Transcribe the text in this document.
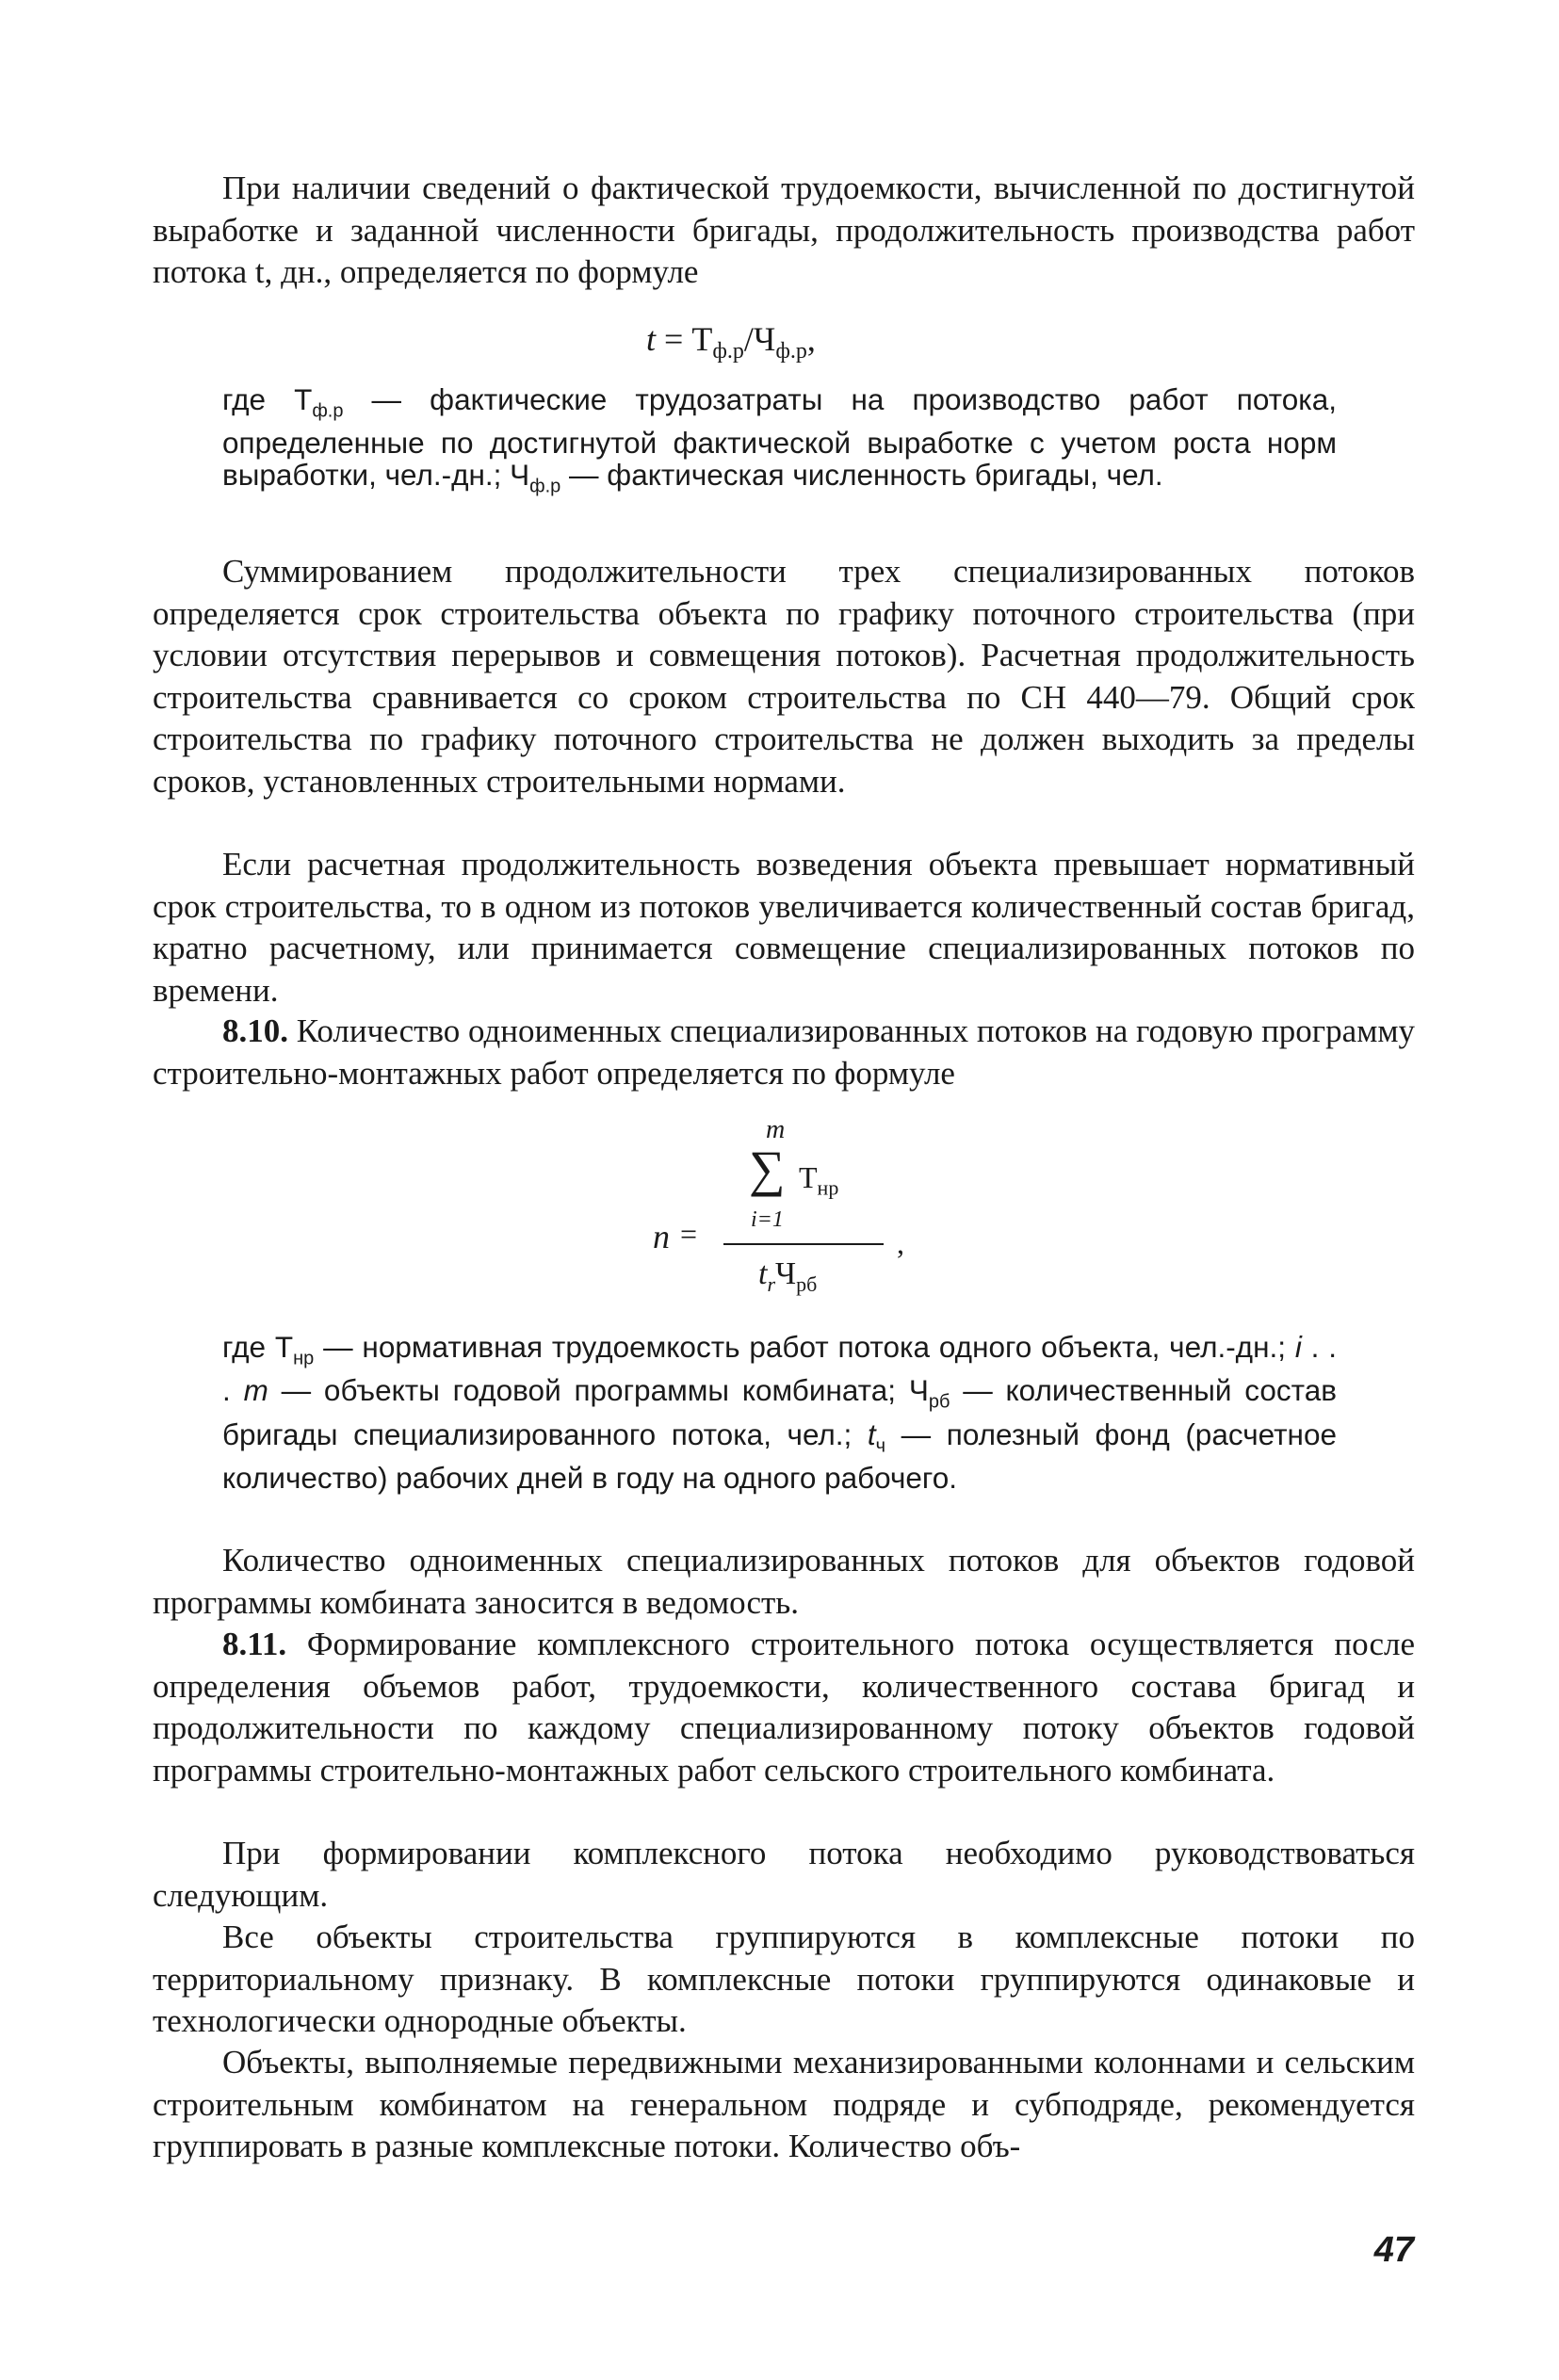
При наличии сведений о фактической трудоемкости, вычисленной по достигнутой выработке и заданной численности бригады, продолжительность производства работ потока t, дн., определяется по формуле

$t = Т_{ф.р}/Ч_{ф.р}$,

где $Т_{ф.р}$ — фактические трудозатраты на производство работ потока, определенные по достигнутой фактической выработке с учетом роста норм выработки, чел.-дн.; $Ч_{ф.р}$ — фактическая численность бригады, чел.

Суммированием продолжительности трех специализированных потоков определяется срок строительства объекта по графику поточного строительства (при условии отсутствия перерывов и совмещения потоков). Расчетная продолжительность строительства сравнивается со сроком строительства по СН 440—79. Общий срок строительства по графику поточного строительства не должен выходить за пределы сроков, установленных строительными нормами.

Если расчетная продолжительность возведения объекта превышает нормативный срок строительства, то в одном из потоков увеличивается количественный состав бригад, кратно расчетному, или принимается совмещение специализированных потоков по времени.

8.10. Количество одноименных специализированных потоков на годовую программу строительно-монтажных работ определяется по формуле

m
∑ $Т_{нр}$
i=1
n =	,
$t_rЧ_{рб}$

где $Т_{нр}$ — нормативная трудоемкость работ потока одного объекта, чел.-дн.; i . . . m — объекты годовой программы комбината; $Ч_{рб}$ — количественный состав бригады специализированного потока, чел.; $t_ч$ — полезный фонд (расчетное количество) рабочих дней в году на одного рабочего.

Количество одноименных специализированных потоков для объектов годовой программы комбината заносится в ведомость.

8.11. Формирование комплексного строительного потока осуществляется после определения объемов работ, трудоемкости, количественного состава бригад и продолжительности по каждому специализированному потоку объектов годовой программы строительно-монтажных работ сельского строительного комбината.

При формировании комплексного потока необходимо руководствоваться следующим.

Все объекты строительства группируются в комплексные потоки по территориальному признаку. В комплексные потоки группируются одинаковые и технологически однородные объекты.

Объекты, выполняемые передвижными механизированными колоннами и сельским строительным комбинатом на генеральном подряде и субподряде, рекомендуется группировать в разные комплексные потоки. Количество объ-

47
